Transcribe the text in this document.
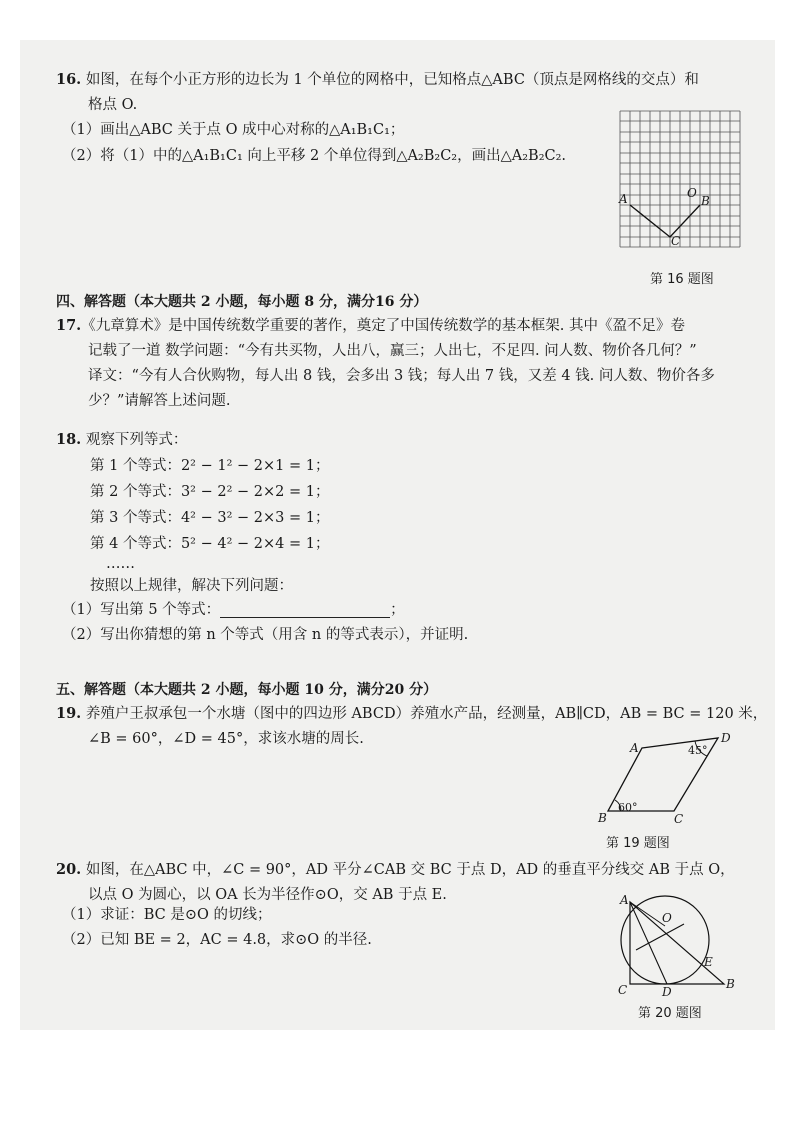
16. 如图，在每个小正方形的边长为 1 个单位的网格中，已知格点△ABC（顶点是网格线的交点）和
格点 O.
（1）画出△ABC 关于点 O 成中心对称的△A₁B₁C₁；
（2）将（1）中的△A₁B₁C₁ 向上平移 2 个单位得到△A₂B₂C₂，画出△A₂B₂C₂.
A	B
C
O
第 16 题图
四、解答题（本大题共 2 小题，每小题 8 分，满分16 分）
17.《九章算术》是中国传统数学重要的著作，奠定了中国传统数学的基本框架. 其中《盈不足》卷
记载了一道 数学问题：“今有共买物，人出八，赢三；人出七，不足四. 问人数、物价各几何？”
译文：“今有人合伙购物，每人出 8 钱，会多出 3 钱；每人出 7 钱，又差 4 钱. 问人数、物价各多
少？”请解答上述问题.
18. 观察下列等式：
第 1 个等式：2² − 1² − 2×1 = 1；
第 2 个等式：3² − 2² − 2×2 = 1；
第 3 个等式：4² − 3² − 2×3 = 1；
第 4 个等式：5² − 4² − 2×4 = 1；
……
按照以上规律，解决下列问题：
（1）写出第 5 个等式：	；
（2）写出你猜想的第 n 个等式（用含 n 的等式表示），并证明.
五、解答题（本大题共 2 小题，每小题 10 分，满分20 分）
19. 养殖户王叔承包一个水塘（图中的四边形 ABCD）养殖水产品，经测量，AB∥CD，AB = BC = 120 米，
∠B = 60°，∠D = 45°，求该水塘的周长.
A
D
B	C
45°
60°
第 19 题图
20. 如图，在△ABC 中，∠C = 90°，AD 平分∠CAB 交 BC 于点 D，AD 的垂直平分线交 AB 于点 O，
以点 O 为圆心，以 OA 长为半径作⊙O，交 AB 于点 E.
（1）求证：BC 是⊙O 的切线；
（2）已知 BE = 2，AC = 4.8，求⊙O 的半径.
A
O
E
B
C	D
第 20 题图
